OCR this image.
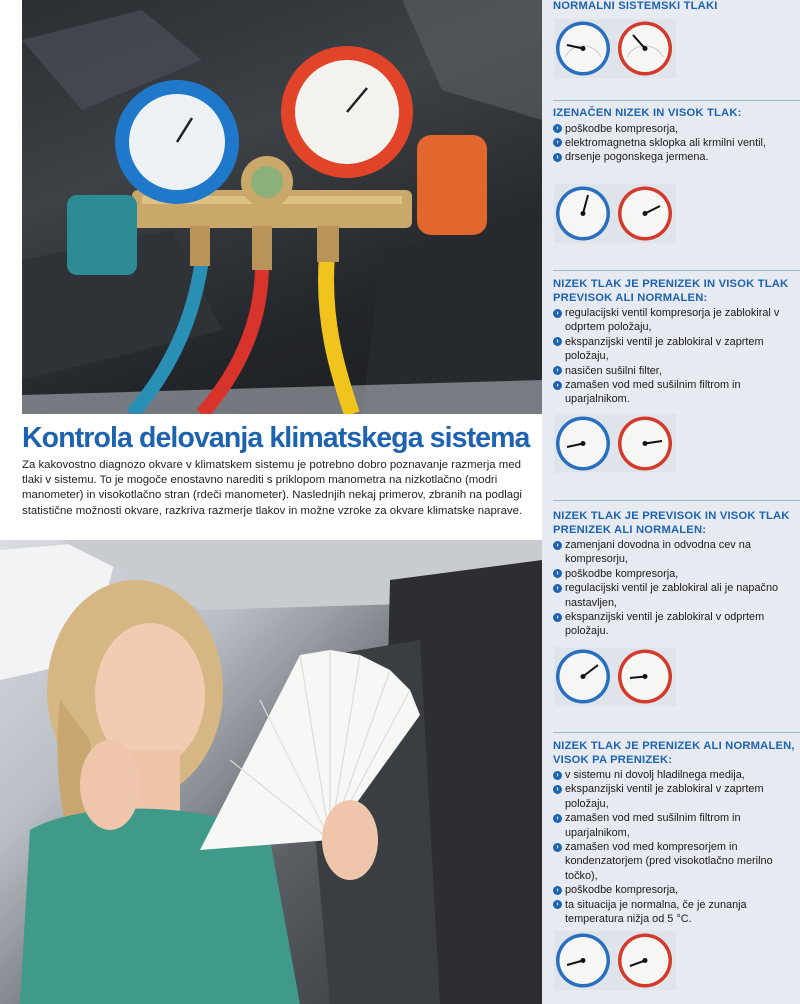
Kontrola delovanja klimatskega sistema

Za kakovostno diagnozo okvare v klimatskem sistemu je potrebno dobro poznavanje razmerja med tlaki v sistemu. To je mogoče enostavno narediti s priklopom manometra na nizkotlačno (modri manometer) in visokotlačno stran (rdeči manometer). Naslednjih nekaj primerov, zbranih na podlagi statistične možnosti okvare, razkriva razmerje tlakov in možne vzroke za okvare klimatske naprave.

NORMALNI SISTEMSKI TLAKI
IZENAČEN NIZEK IN VISOK TLAK:
› poškodbe kompresorja,
› elektromagnetna sklopka ali krmilni ventil,
› drsenje pogonskega jermena.
NIZEK TLAK JE PRENIZEK IN VISOK TLAK PREVISOK ALI NORMALEN:
› regulacijski ventil kompresorja je zablokiral v odprtem položaju,
› ekspanzijski ventil je zablokiral v zaprtem položaju,
› nasičen sušilni filter,
› zamašen vod med sušilnim filtrom in uparjalnikom.
NIZEK TLAK JE PREVISOK IN VISOK TLAK PRENIZEK ALI NORMALEN:
› zamenjani dovodna in odvodna cev na kompresorju,
› poškodbe kompresorja,
› regulacijski ventil je zablokiral ali je napačno nastavljen,
› ekspanzijski ventil je zablokiral v odprtem položaju.
NIZEK TLAK JE PRENIZEK ALI NORMALEN, VISOK PA PRENIZEK:
› v sistemu ni dovolj hladilnega medija,
› ekspanzijski ventil je zablokiral v zaprtem položaju,
› zamašen vod med sušilnim filtrom in uparjalnikom,
› zamašen vod med kompresorjem in kondenzatorjem (pred visokotlačno merilno točko),
› poškodbe kompresorja,
› ta situacija je normalna, če je zunanja temperatura nižja od 5 °C.
